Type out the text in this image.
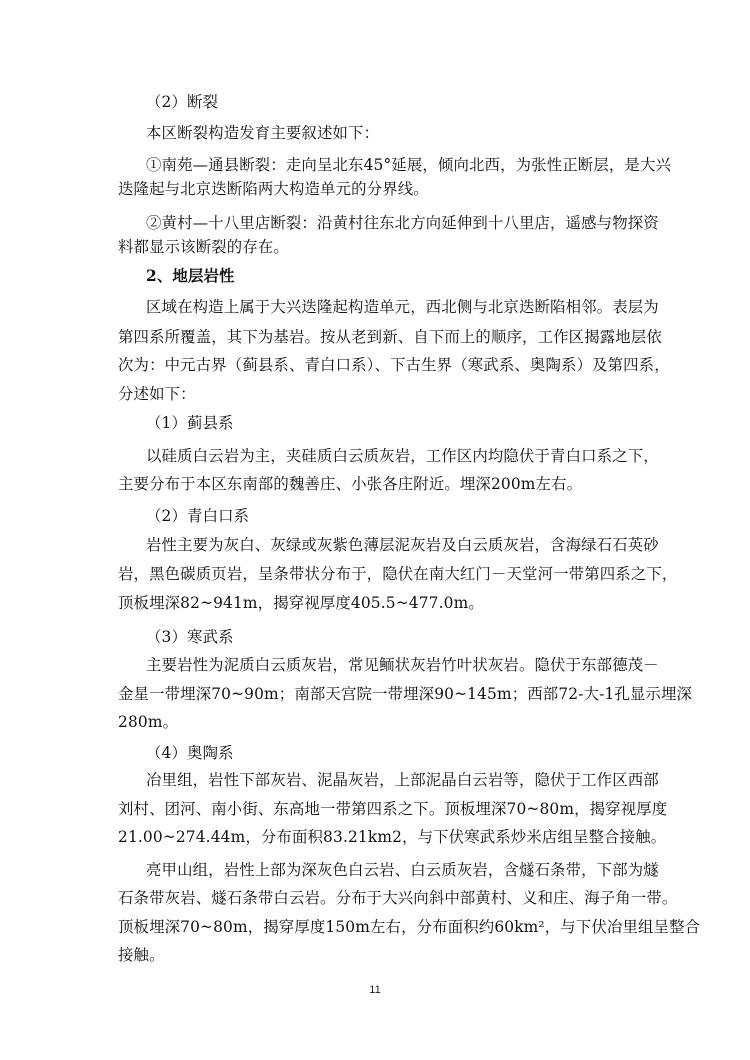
（2）断裂
本区断裂构造发育主要叙述如下：
①南苑—通县断裂：走向呈北东45°延展，倾向北西，为张性正断层，是大兴
迭隆起与北京迭断陷两大构造单元的分界线。
②黄村—十八里店断裂：沿黄村往东北方向延伸到十八里店，遥感与物探资
料都显示该断裂的存在。
2、地层岩性
区域在构造上属于大兴迭隆起构造单元，西北侧与北京迭断陷相邻。表层为
第四系所覆盖，其下为基岩。按从老到新、自下而上的顺序，工作区揭露地层依
次为：中元古界（蓟县系、青白口系）、下古生界（寒武系、奥陶系）及第四系，
分述如下：
（1）蓟县系
以硅质白云岩为主，夹硅质白云质灰岩，工作区内均隐伏于青白口系之下，
主要分布于本区东南部的魏善庄、小张各庄附近。埋深200m左右。
（2）青白口系
岩性主要为灰白、灰绿或灰紫色薄层泥灰岩及白云质灰岩，含海绿石石英砂
岩，黑色碳质页岩，呈条带状分布于，隐伏在南大红门－天堂河一带第四系之下，
顶板埋深82~941m，揭穿视厚度405.5~477.0m。
（3）寒武系
主要岩性为泥质白云质灰岩，常见鲕状灰岩竹叶状灰岩。隐伏于东部德茂－
金星一带埋深70~90m；南部天宫院一带埋深90~145m；西部72-大-1孔显示埋深
280m。
（4）奥陶系
冶里组，岩性下部灰岩、泥晶灰岩，上部泥晶白云岩等，隐伏于工作区西部
刘村、团河、南小街、东高地一带第四系之下。顶板埋深70~80m，揭穿视厚度
21.00~274.44m，分布面积83.21km2，与下伏寒武系炒米店组呈整合接触。
亮甲山组，岩性上部为深灰色白云岩、白云质灰岩，含燧石条带，下部为燧
石条带灰岩、燧石条带白云岩。分布于大兴向斜中部黄村、义和庄、海子角一带。
顶板埋深70~80m，揭穿厚度150m左右，分布面积约60km²，与下伏冶里组呈整合
接触。
11
